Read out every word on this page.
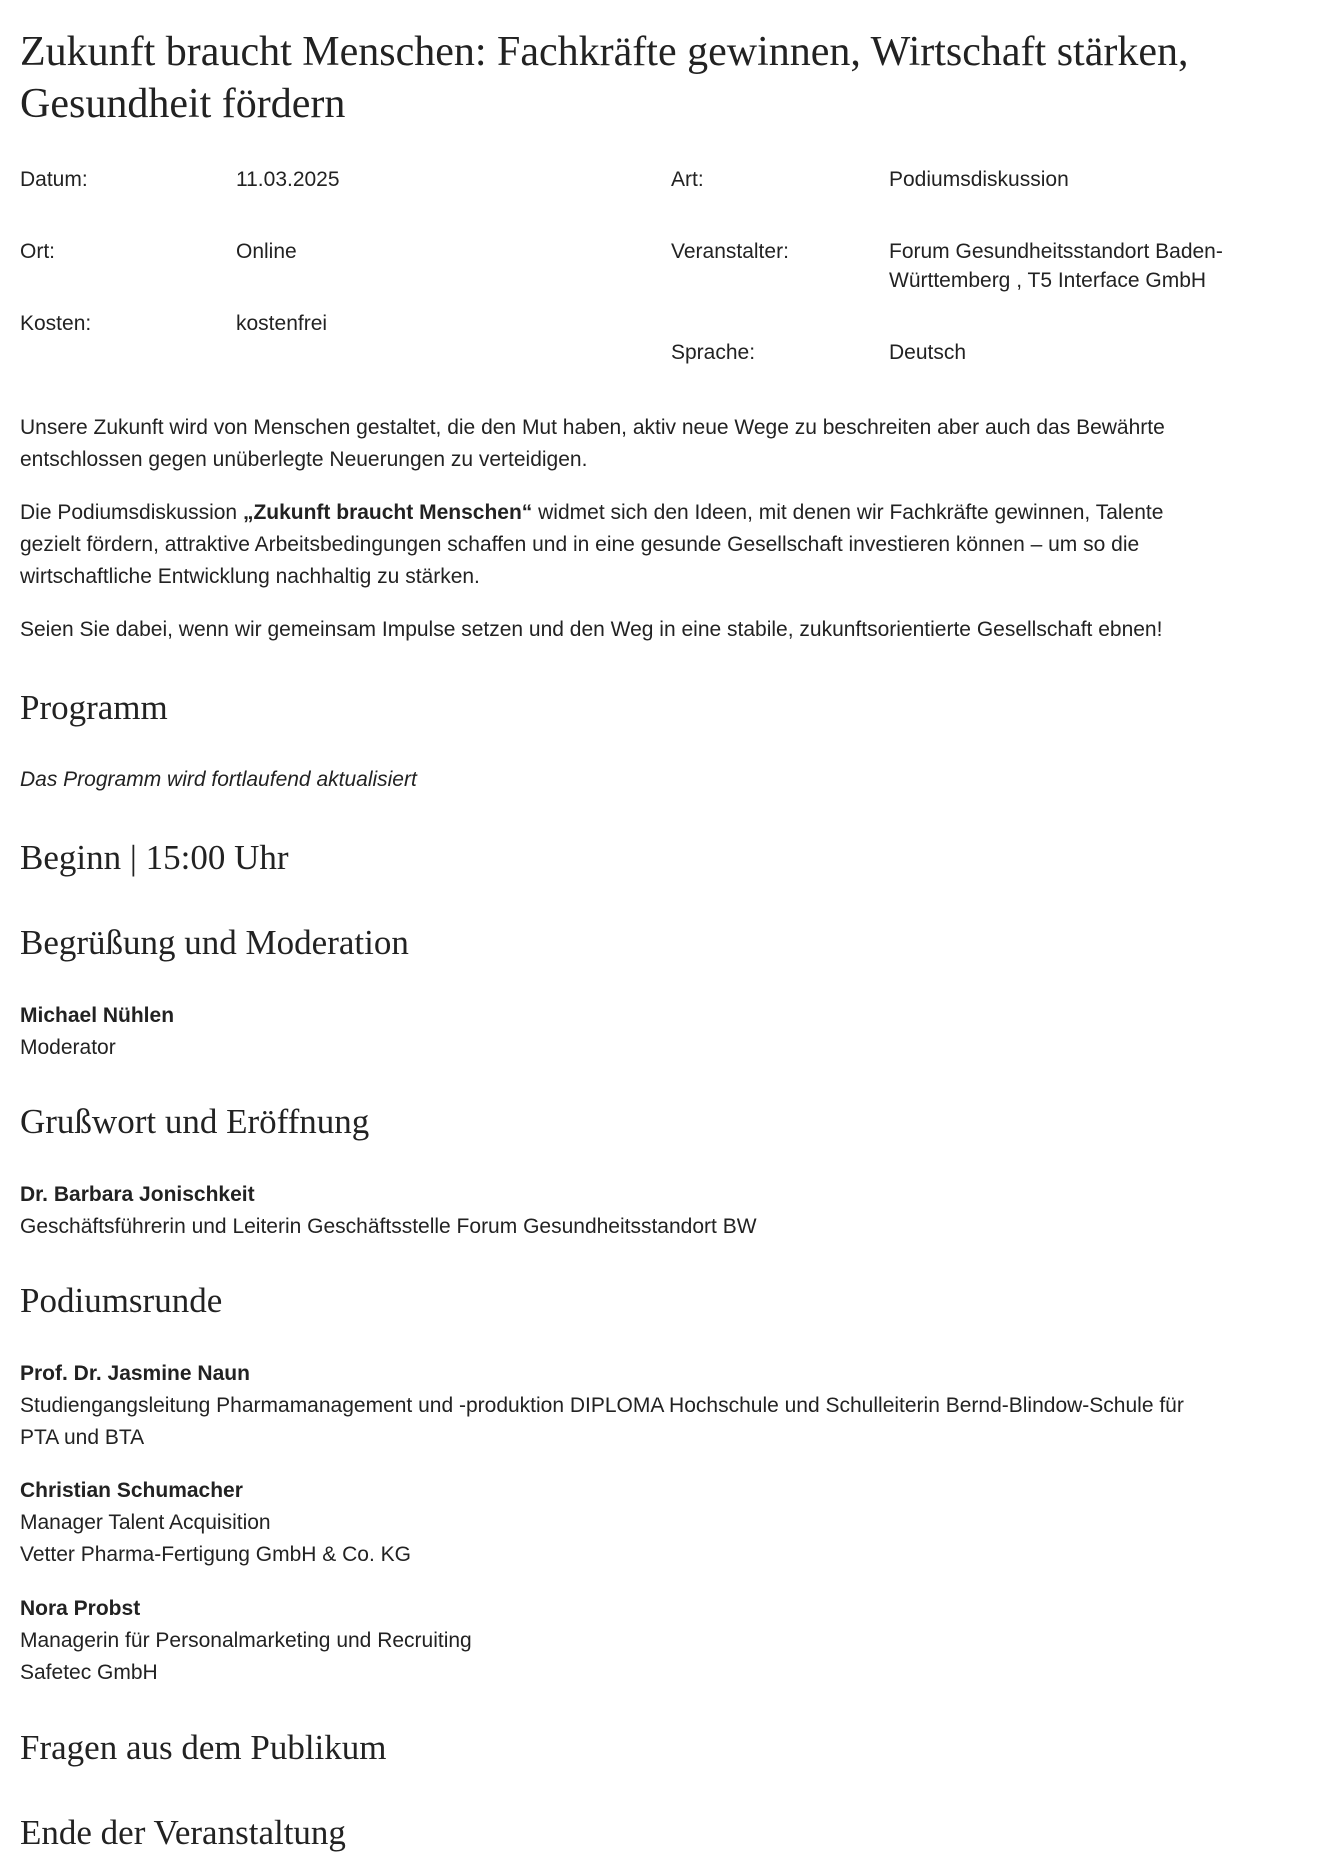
Zukunft braucht Menschen: Fachkräfte gewinnen, Wirtschaft stärken, Gesundheit fördern
Datum:	11.03.2025	Art:	Podiumsdiskussion
Ort:	Online	Veranstalter:	Forum Gesundheitsstandort Baden-
Württemberg , T5 Interface GmbH
Kosten:	kostenfrei
Sprache:	Deutsch

Unsere Zukunft wird von Menschen gestaltet, die den Mut haben, aktiv neue Wege zu beschreiten aber auch das Bewährte
entschlossen gegen unüberlegte Neuerungen zu verteidigen.

Die Podiumsdiskussion „Zukunft braucht Menschen“ widmet sich den Ideen, mit denen wir Fachkräfte gewinnen, Talente
gezielt fördern, attraktive Arbeitsbedingungen schaffen und in eine gesunde Gesellschaft investieren können – um so die
wirtschaftliche Entwicklung nachhaltig zu stärken.

Seien Sie dabei, wenn wir gemeinsam Impulse setzen und den Weg in eine stabile, zukunftsorientierte Gesellschaft ebnen!

Programm
Das Programm wird fortlaufend aktualisiert
Beginn | 15:00 Uhr
Begrüßung und Moderation
Michael Nühlen
Moderator
Grußwort und Eröffnung
Dr. Barbara Jonischkeit
Geschäftsführerin und Leiterin Geschäftsstelle Forum Gesundheitsstandort BW
Podiumsrunde
Prof. Dr. Jasmine Naun
Studiengangsleitung Pharmamanagement und -produktion DIPLOMA Hochschule und Schulleiterin Bernd-Blindow-Schule für
PTA und BTA
Christian Schumacher
Manager Talent Acquisition
Vetter Pharma-Fertigung GmbH & Co. KG
Nora Probst
Managerin für Personalmarketing und Recruiting
Safetec GmbH
Fragen aus dem Publikum
Ende der Veranstaltung
